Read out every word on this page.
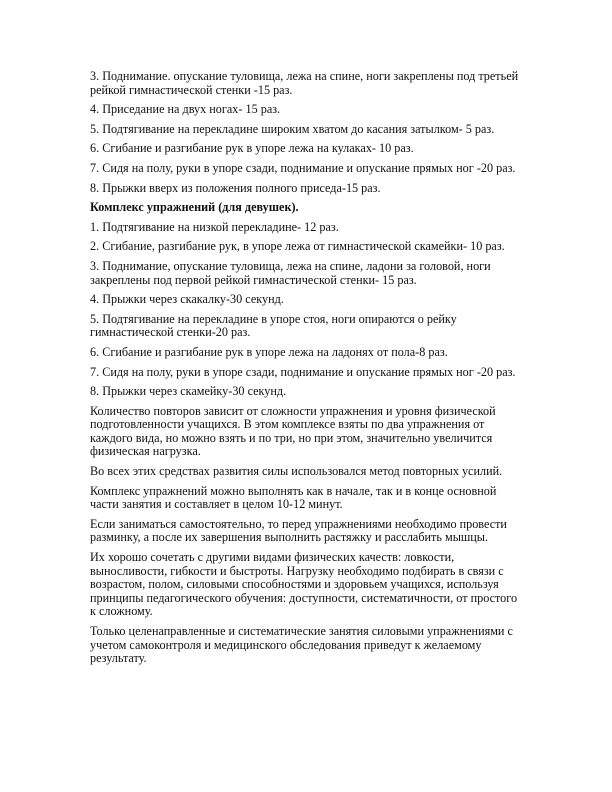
3. Поднимание. опускание туловища, лежа на спине, ноги закреплены под третьей рейкой гимнастической стенки -15 раз.

4. Приседание на двух ногах- 15 раз.

5. Подтягивание на перекладине широким хватом до касания затылком- 5 раз.

6. Сгибание и разгибание рук в упоре лежа на кулаках- 10 раз.

7. Сидя на полу, руки в упоре сзади, поднимание и опускание прямых ног -20 раз.

8. Прыжки вверх из положения полного приседа-15 раз.

Комплекс упражнений (для девушек).

1. Подтягивание на низкой перекладине- 12 раз.

2. Сгибание, разгибание рук, в упоре лежа от гимнастической скамейки- 10 раз.

3. Поднимание, опускание туловища, лежа на спине, ладони за головой, ноги закреплены под первой рейкой гимнастической стенки- 15 раз.

4. Прыжки через скакалку-30 секунд.

5. Подтягивание на перекладине в упоре стоя, ноги опираются о рейку гимнастической стенки-20 раз.

6. Сгибание и разгибание рук в упоре лежа на ладонях от пола-8 раз.

7. Сидя на полу, руки в упоре сзади, поднимание и опускание прямых ног -20 раз.

8. Прыжки через скамейку-30 секунд.

Количество повторов зависит от сложности упражнения и уровня физической подготовленности учащихся. В этом комплексе взяты по два упражнения от каждого вида, но можно взять и по три, но при этом, значительно увеличится физическая нагрузка.

Во всех этих средствах развития силы использовался метод повторных усилий.

Комплекс упражнений можно выполнять как в начале, так и в конце основной части занятия и составляет в целом 10-12 минут.

Если заниматься самостоятельно, то перед упражнениями необходимо провести разминку, а после их завершения выполнить растяжку и расслабить мышцы.

Их хорошо сочетать с другими видами физических качеств: ловкости, выносливости, гибкости и быстроты. Нагрузку необходимо подбирать в связи с возрастом, полом, силовыми способностями и здоровьем учащихся, используя принципы педагогического обучения: доступности, систематичности, от простого к сложному.

Только целенаправленные и систематические занятия силовыми упражнениями с учетом самоконтроля и медицинского обследования приведут к желаемому результату.
